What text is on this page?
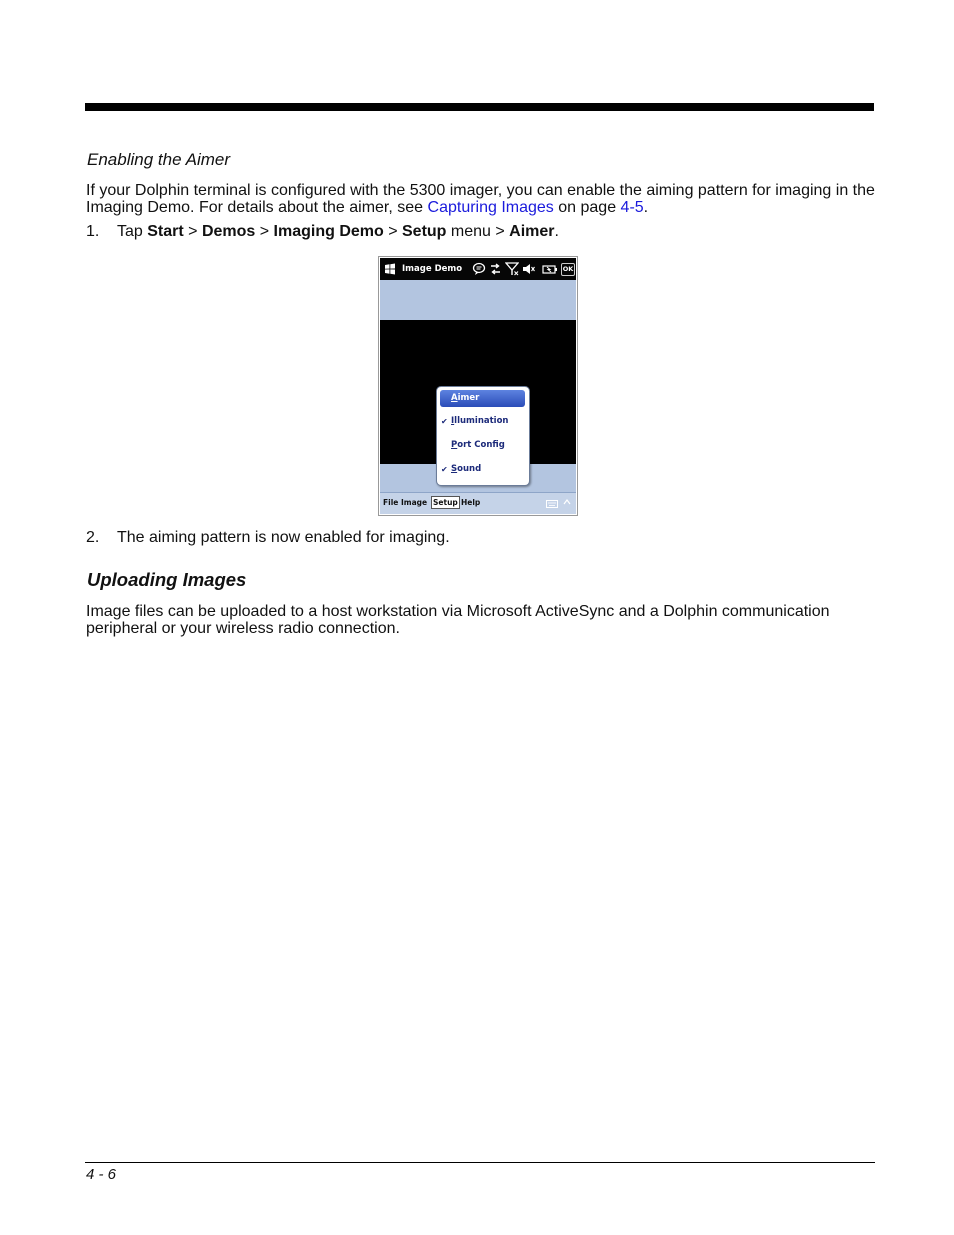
Enabling the Aimer

If your Dolphin terminal is configured with the 5300 imager, you can enable the aiming pattern for imaging in the Imaging Demo. For details about the aimer, see Capturing Images on page 4-5.

1. Tap Start > Demos > Imaging Demo > Setup menu > Aimer.
Image Demo	OK
Aimer
✔ Illumination
Port Config
✔ Sound
File Image Setup Help
2. The aiming pattern is now enabled for imaging.
Uploading Images

Image files can be uploaded to a host workstation via Microsoft ActiveSync and a Dolphin communication peripheral or your wireless radio connection.

4 - 6
